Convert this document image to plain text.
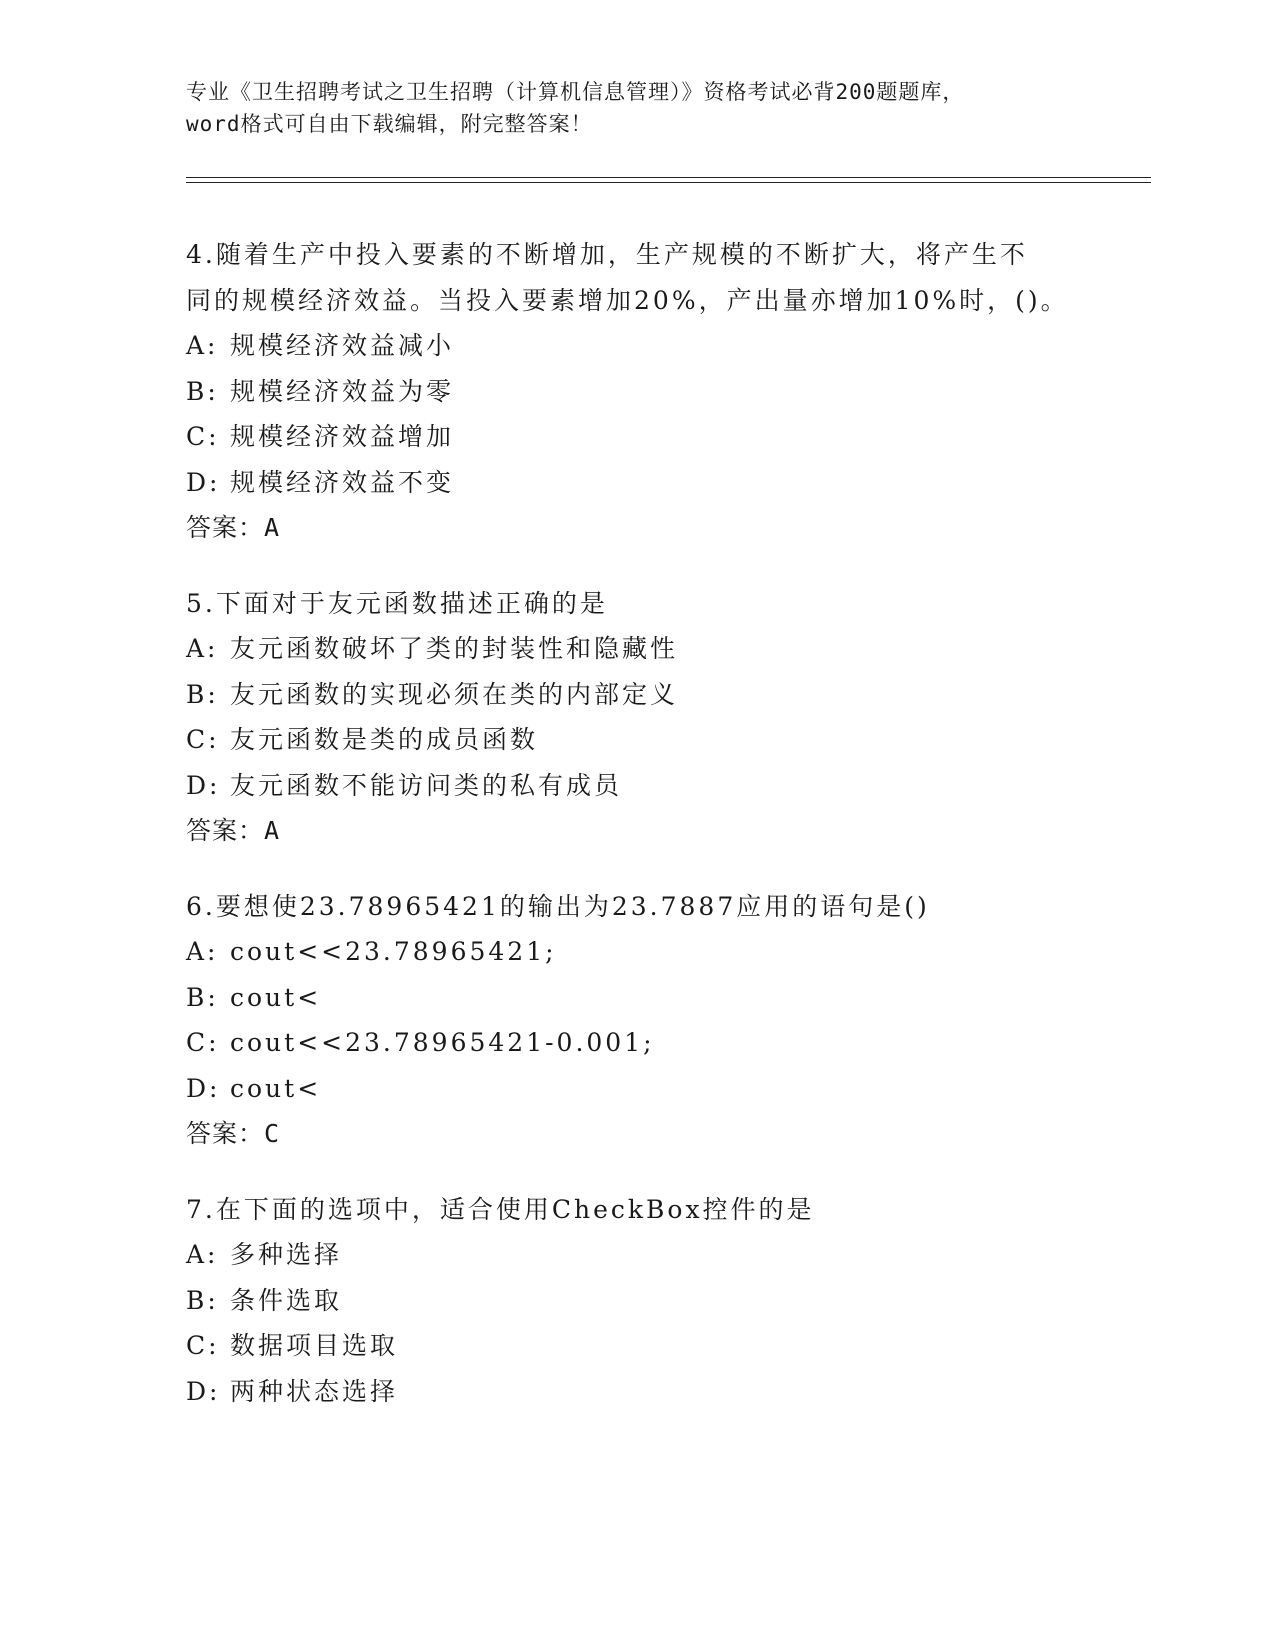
专业《卫生招聘考试之卫生招聘（计算机信息管理）》资格考试必背200题题库，
word格式可自由下载编辑，附完整答案！
4.随着生产中投入要素的不断增加，生产规模的不断扩大，将产生不
同的规模经济效益。当投入要素增加20%，产出量亦增加10%时，()。
A: 规模经济效益减小
B: 规模经济效益为零
C: 规模经济效益增加
D: 规模经济效益不变
答案：A
5.下面对于友元函数描述正确的是
A: 友元函数破坏了类的封装性和隐藏性
B: 友元函数的实现必须在类的内部定义
C: 友元函数是类的成员函数
D: 友元函数不能访问类的私有成员
答案：A
6.要想使23.78965421的输出为23.7887应用的语句是()
A: cout<<23.78965421;
B: cout<
C: cout<<23.78965421-0.001;
D: cout<
答案：C
7.在下面的选项中，适合使用CheckBox控件的是
A: 多种选择
B: 条件选取
C: 数据项目选取
D: 两种状态选择
